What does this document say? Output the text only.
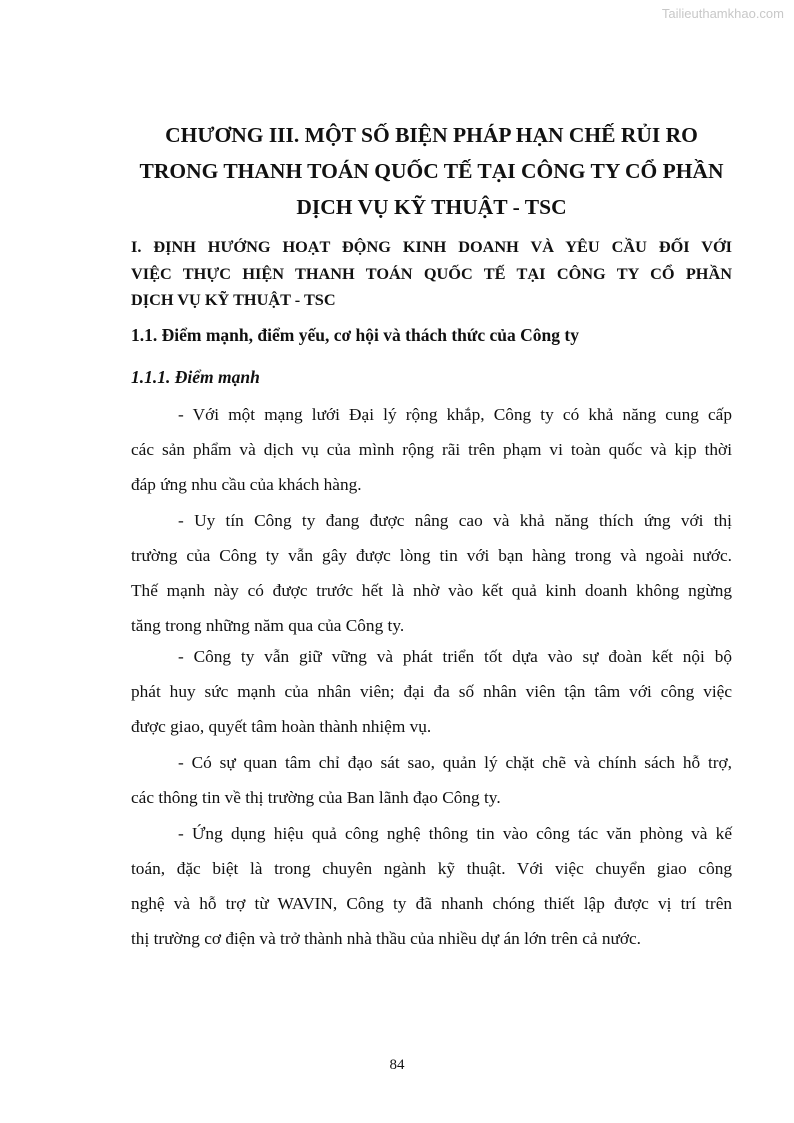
Tailieuthamkhao.com
CHƯƠNG III. MỘT SỐ BIỆN PHÁP HẠN CHẾ RỦI RO
TRONG THANH TOÁN QUỐC TẾ TẠI CÔNG TY CỔ PHẦN
DỊCH VỤ KỸ THUẬT - TSC
I. ĐỊNH HƯỚNG HOẠT ĐỘNG KINH DOANH VÀ YÊU CẦU ĐỐI VỚI
VIỆC THỰC HIỆN THANH TOÁN QUỐC TẾ TẠI CÔNG TY CỔ PHẦN
DỊCH VỤ KỸ THUẬT - TSC
1.1. Điểm mạnh, điểm yếu, cơ hội và thách thức của Công ty
1.1.1. Điểm mạnh
- Với một mạng lưới Đại lý rộng khắp, Công ty có khả năng cung cấp
các sản phẩm và dịch vụ của mình rộng rãi trên phạm vi toàn quốc và kịp thời
đáp ứng nhu cầu của khách hàng.
- Uy tín Công ty đang được nâng cao và khả năng thích ứng với thị
trường của Công ty vẫn gây được lòng tin với bạn hàng trong và ngoài nước.
Thế mạnh này có được trước hết là nhờ vào kết quả kinh doanh không ngừng
tăng trong những năm qua của Công ty.
- Công ty vẫn giữ vững và phát triển tốt dựa vào sự đoàn kết nội bộ
phát huy sức mạnh của nhân viên; đại đa số nhân viên tận tâm với công việc
được giao, quyết tâm hoàn thành nhiệm vụ.
- Có sự quan tâm chỉ đạo sát sao, quản lý chặt chẽ và chính sách hỗ trợ,
các thông tin về thị trường của Ban lãnh đạo Công ty.
- Ứng dụng hiệu quả công nghệ thông tin vào công tác văn phòng và kế
toán, đặc biệt là trong chuyên ngành kỹ thuật. Với việc chuyển giao công
nghệ và hỗ trợ từ WAVIN, Công ty đã nhanh chóng thiết lập được vị trí trên
thị trường cơ điện và trở thành nhà thầu của nhiều dự án lớn trên cả nước.
84
